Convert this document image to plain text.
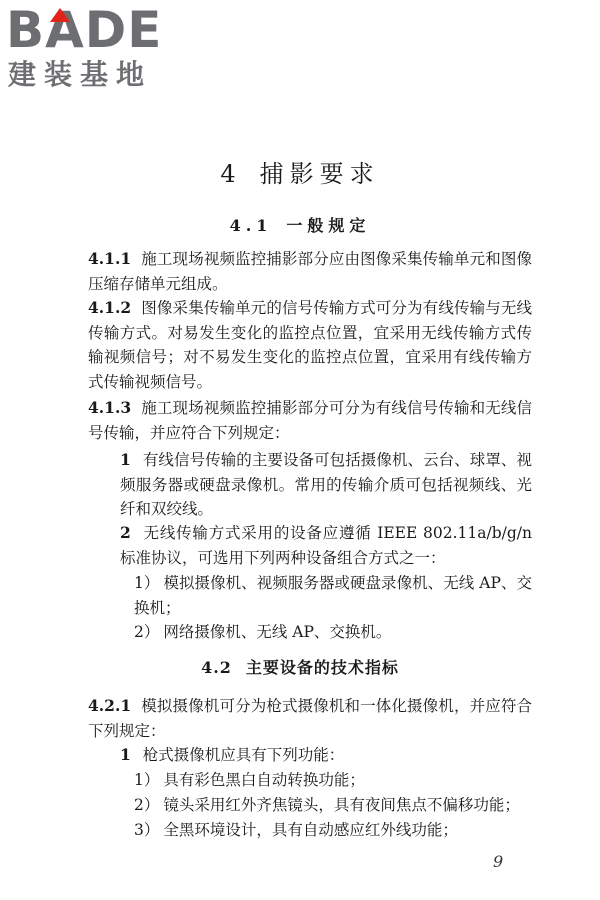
BADE
建装基地
4 捕影要求
4.1 一般规定
4.1.1 施工现场视频监控捕影部分应由图像采集传输单元和图像压缩存储单元组成。
4.1.2 图像采集传输单元的信号传输方式可分为有线传输与无线传输方式。对易发生变化的监控点位置，宜采用无线传输方式传输视频信号；对不易发生变化的监控点位置，宜采用有线传输方式传输视频信号。
4.1.3 施工现场视频监控捕影部分可分为有线信号传输和无线信号传输，并应符合下列规定：
1 有线信号传输的主要设备可包括摄像机、云台、球罩、视频服务器或硬盘录像机。常用的传输介质可包括视频线、光纤和双绞线。
2 无线传输方式采用的设备应遵循 IEEE 802.11a/b/g/n 标准协议，可选用下列两种设备组合方式之一：
1） 模拟摄像机、视频服务器或硬盘录像机、无线 AP、交换机；
2） 网络摄像机、无线 AP、交换机。
4.2 主要设备的技术指标
4.2.1 模拟摄像机可分为枪式摄像机和一体化摄像机，并应符合下列规定：
1 枪式摄像机应具有下列功能：
1） 具有彩色黑白自动转换功能；
2） 镜头采用红外齐焦镜头，具有夜间焦点不偏移功能；
3） 全黑环境设计，具有自动感应红外线功能；
9
